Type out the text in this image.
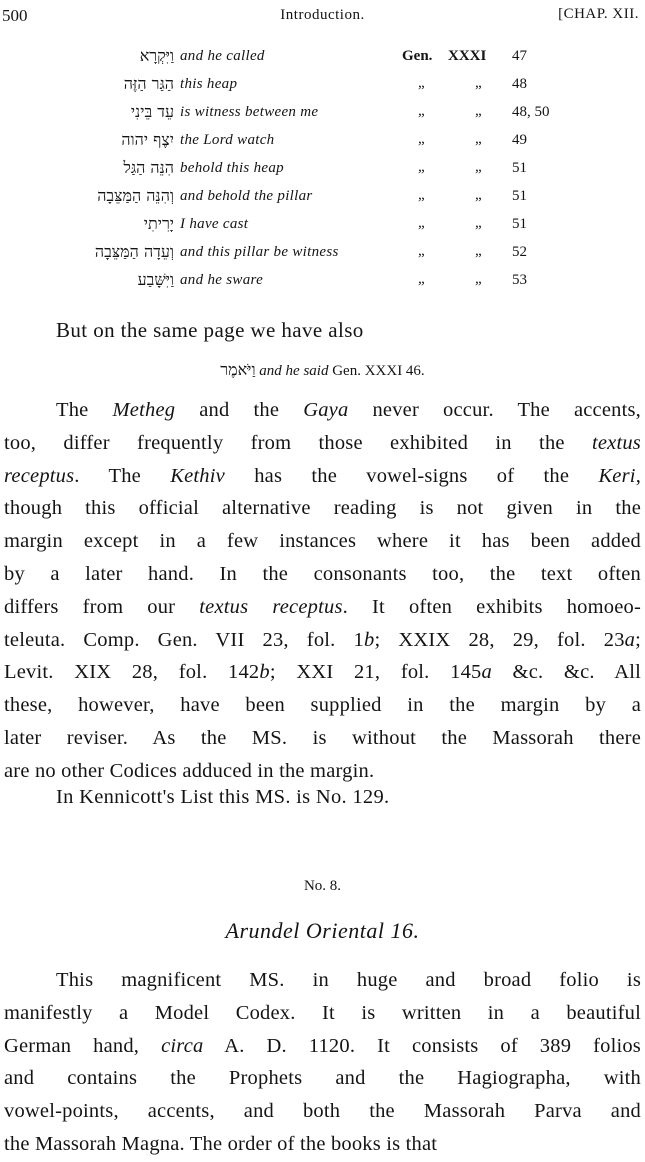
500	Introduction.	[CHAP. XII.
וַיִּקְרָא and he called	Gen. XXXI 47
הַגַּר הַזֶּה this heap	„	„ 48
עֵד בֵּינִי is witness between me	„	„ 48, 50
יִצֶף יהוה the Lord watch	„	„ 49
הִנֵּה הַגַּל behold this heap	„	„ 51
וְהִנֵּה הַמַּצֵּבָה and behold the pillar	„	„ 51
יָרִיתִי I have cast	„	„ 51
וְעֵדָה הַמַּצֵּבָה and this pillar be witness	„	„ 52
וַיִּשָּׁבַע and he sware	„	„ 53
But on the same page we have also
וַיֹּאמֶר and he said Gen. XXXI 46.
The Metheg and the Gaya never occur. The accents,
too, differ frequently from those exhibited in the textus
receptus. The Kethiv has the vowel-signs of the Keri,
though this official alternative reading is not given in the
margin except in a few instances where it has been added
by a later hand. In the consonants too, the text often
differs from our textus receptus. It often exhibits homoeo-
teleuta. Comp. Gen. VII 23, fol. 1b; XXIX 28, 29, fol. 23a;
Levit. XIX 28, fol. 142b; XXI 21, fol. 145a &c. &c. All
these, however, have been supplied in the margin by a
later reviser. As the MS. is without the Massorah there
are no other Codices adduced in the margin.
In Kennicott's List this MS. is No. 129.
No. 8.
Arundel Oriental 16.
This magnificent MS. in huge and broad folio is
manifestly a Model Codex. It is written in a beautiful
German hand, circa A. D. 1120. It consists of 389 folios
and contains the Prophets and the Hagiographa, with
vowel-points, accents, and both the Massorah Parva and
the Massorah Magna. The order of the books is that
